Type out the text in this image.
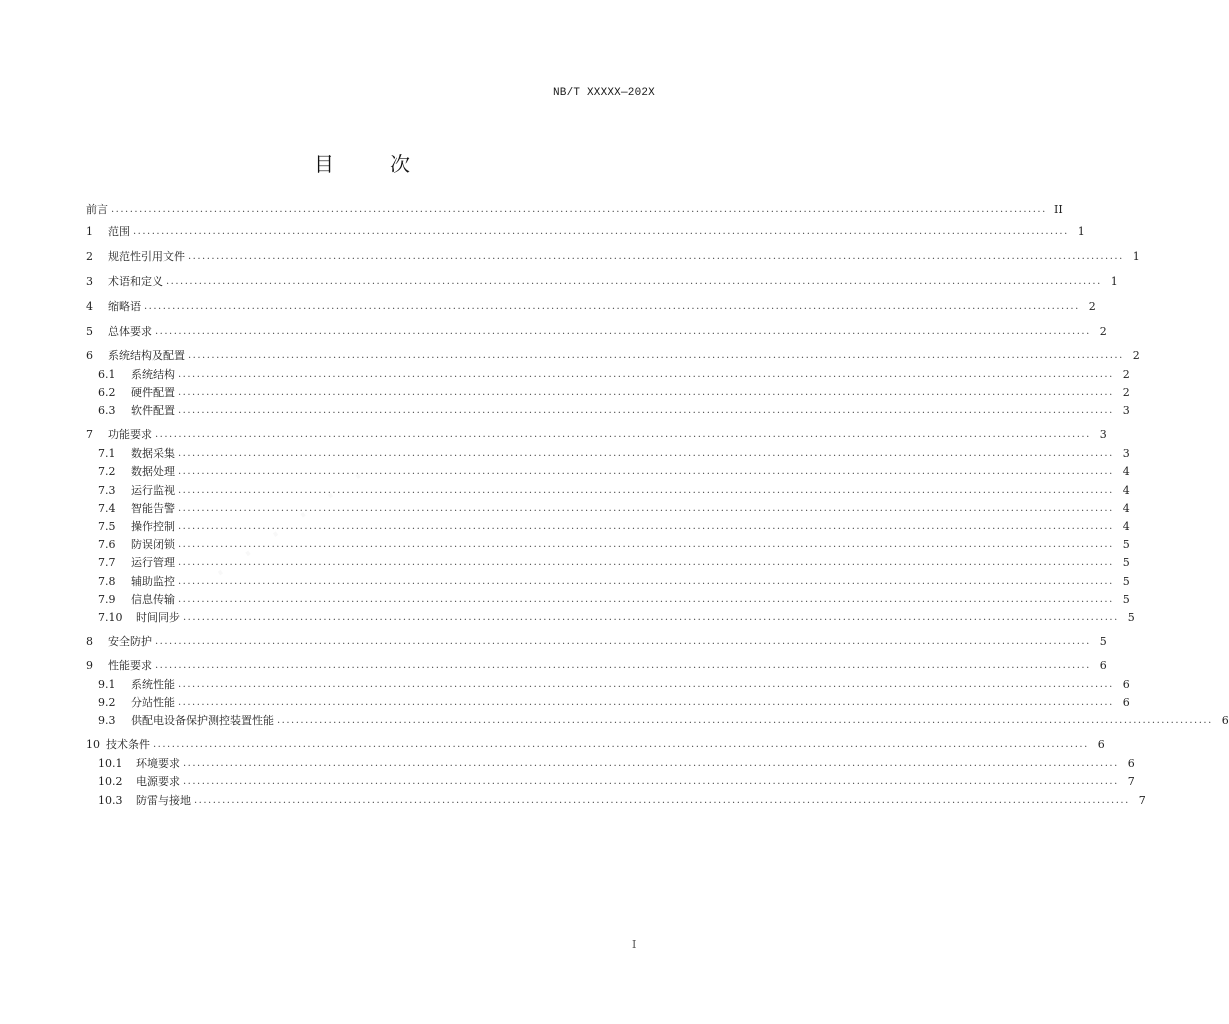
NB/T XXXXX—202X
目　次
· · · · · ·
前言 ........................................................................................................................................................................................................ II
1	范围 ........................................................................................................................................................................................................ 1
2	规范性引用文件 ........................................................................................................................................................................................................ 1
3	术语和定义 ........................................................................................................................................................................................................ 1
4	缩略语 ........................................................................................................................................................................................................ 2
5	总体要求 ........................................................................................................................................................................................................ 2
6	系统结构及配置 ........................................................................................................................................................................................................ 2
6.1	系统结构 ........................................................................................................................................................................................................ 2
6.2	硬件配置 ........................................................................................................................................................................................................ 2
6.3	软件配置 ........................................................................................................................................................................................................ 3
7	功能要求 ........................................................................................................................................................................................................ 3
7.1	数据采集 ........................................................................................................................................................................................................ 3
7.2	数据处理 ........................................................................................................................................................................................................ 4
7.3	运行监视 ........................................................................................................................................................................................................ 4
7.4	智能告警 ........................................................................................................................................................................................................ 4
7.5	操作控制 ........................................................................................................................................................................................................ 4
7.6	防误闭锁 ........................................................................................................................................................................................................ 5
7.7	运行管理 ........................................................................................................................................................................................................ 5
7.8	辅助监控 ........................................................................................................................................................................................................ 5
7.9	信息传输 ........................................................................................................................................................................................................ 5
7.10	时间同步 ........................................................................................................................................................................................................ 5
8	安全防护 ........................................................................................................................................................................................................ 5
9	性能要求 ........................................................................................................................................................................................................ 6
9.1	系统性能 ........................................................................................................................................................................................................ 6
9.2	分站性能 ........................................................................................................................................................................................................ 6
9.3	供配电设备保护测控装置性能 ........................................................................................................................................................................................................ 6
10 技术条件 ........................................................................................................................................................................................................ 6
10.1	环境要求 ........................................................................................................................................................................................................ 6
10.2	电源要求 ........................................................................................................................................................................................................ 7
10.3	防雷与接地 ........................................................................................................................................................................................................ 7
I
